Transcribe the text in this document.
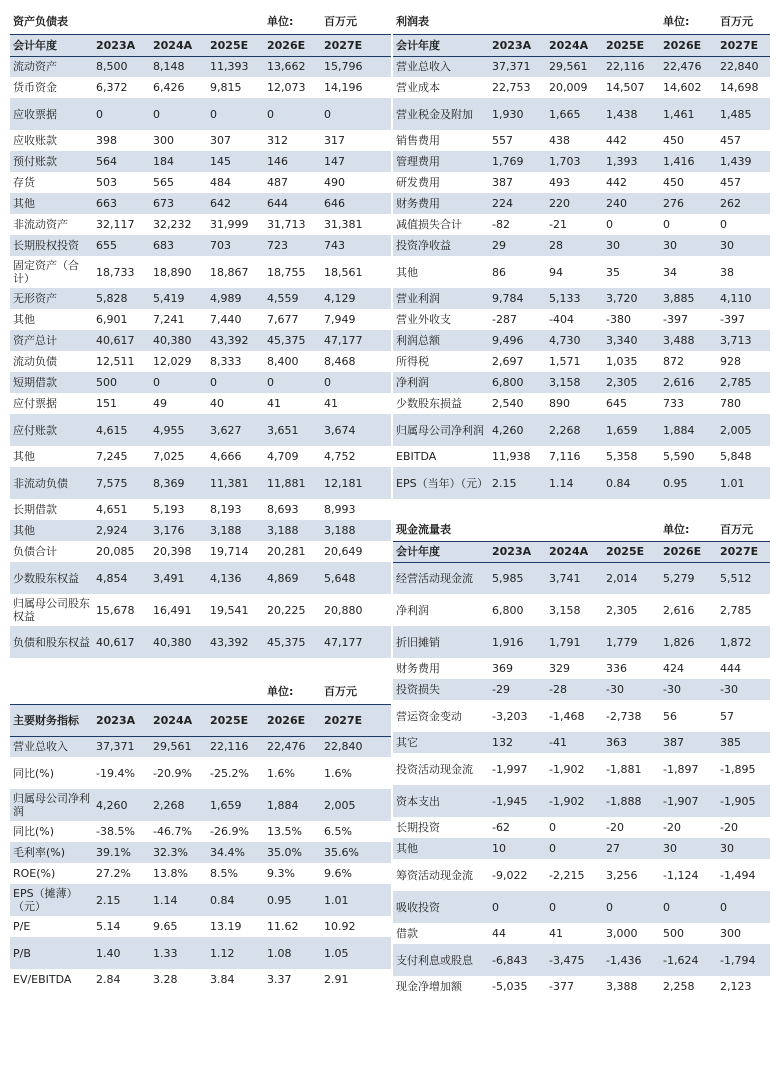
资产负债表				单位:	百万元
会计年度	2023A	2024A	2025E	2026E	2027E
流动资产	8,500	8,148	11,393	13,662	15,796
货币资金	6,372	6,426	9,815	12,073	14,196
应收票据	0	0	0	0	0
应收账款	398	300	307	312	317
预付账款	564	184	145	146	147
存货	503	565	484	487	490
其他	663	673	642	644	646
非流动资产	32,117	32,232	31,999	31,713	31,381
长期股权投资	655	683	703	723	743
固定资产（合计）	18,733	18,890	18,867	18,755	18,561
无形资产	5,828	5,419	4,989	4,559	4,129
其他	6,901	7,241	7,440	7,677	7,949
资产总计	40,617	40,380	43,392	45,375	47,177
流动负债	12,511	12,029	8,333	8,400	8,468
短期借款	500	0	0	0	0
应付票据	151	49	40	41	41
应付账款	4,615	4,955	3,627	3,651	3,674
其他	7,245	7,025	4,666	4,709	4,752
非流动负债	7,575	8,369	11,381	11,881	12,181
长期借款	4,651	5,193	8,193	8,693	8,993
其他	2,924	3,176	3,188	3,188	3,188
负债合计	20,085	20,398	19,714	20,281	20,649
少数股东权益	4,854	3,491	4,136	4,869	5,648
归属母公司股东权益	15,678	16,491	19,541	20,225	20,880
负债和股东权益	40,617	40,380	43,392	45,375	47,177

				单位:	百万元
主要财务指标	2023A	2024A	2025E	2026E	2027E
营业总收入	37,371	29,561	22,116	22,476	22,840
同比(%)	-19.4%	-20.9%	-25.2%	1.6%	1.6%
归属母公司净利润	4,260	2,268	1,659	1,884	2,005
同比(%)	-38.5%	-46.7%	-26.9%	13.5%	6.5%
毛利率(%)	39.1%	32.3%	34.4%	35.0%	35.6%
ROE(%)	27.2%	13.8%	8.5%	9.3%	9.6%
EPS（摊薄）（元）	2.15	1.14	0.84	0.95	1.01
P/E	5.14	9.65	13.19	11.62	10.92
P/B	1.40	1.33	1.12	1.08	1.05
EV/EBITDA	2.84	3.28	3.84	3.37	2.91
利润表				单位:	百万元
会计年度	2023A	2024A	2025E	2026E	2027E
营业总收入	37,371	29,561	22,116	22,476	22,840
营业成本	22,753	20,009	14,507	14,602	14,698
营业税金及附加	1,930	1,665	1,438	1,461	1,485
销售费用	557	438	442	450	457
管理费用	1,769	1,703	1,393	1,416	1,439
研发费用	387	493	442	450	457
财务费用	224	220	240	276	262
减值损失合计	-82	-21	0	0	0
投资净收益	29	28	30	30	30
其他	86	94	35	34	38
营业利润	9,784	5,133	3,720	3,885	4,110
营业外收支	-287	-404	-380	-397	-397
利润总额	9,496	4,730	3,340	3,488	3,713
所得税	2,697	1,571	1,035	872	928
净利润	6,800	3,158	2,305	2,616	2,785
少数股东损益	2,540	890	645	733	780
归属母公司净利润	4,260	2,268	1,659	1,884	2,005
EBITDA	11,938	7,116	5,358	5,590	5,848
EPS（当年）（元）	2.15	1.14	0.84	0.95	1.01

现金流量表				单位:	百万元
会计年度	2023A	2024A	2025E	2026E	2027E
经营活动现金流	5,985	3,741	2,014	5,279	5,512
净利润	6,800	3,158	2,305	2,616	2,785
折旧摊销	1,916	1,791	1,779	1,826	1,872
财务费用	369	329	336	424	444
投资损失	-29	-28	-30	-30	-30
营运资金变动	-3,203	-1,468	-2,738	56	57
其它	132	-41	363	387	385
投资活动现金流	-1,997	-1,902	-1,881	-1,897	-1,895
资本支出	-1,945	-1,902	-1,888	-1,907	-1,905
长期投资	-62	0	-20	-20	-20
其他	10	0	27	30	30
筹资活动现金流	-9,022	-2,215	3,256	-1,124	-1,494
吸收投资	0	0	0	0	0
借款	44	41	3,000	500	300
支付利息或股息	-6,843	-3,475	-1,436	-1,624	-1,794
现金净增加额	-5,035	-377	3,388	2,258	2,123
